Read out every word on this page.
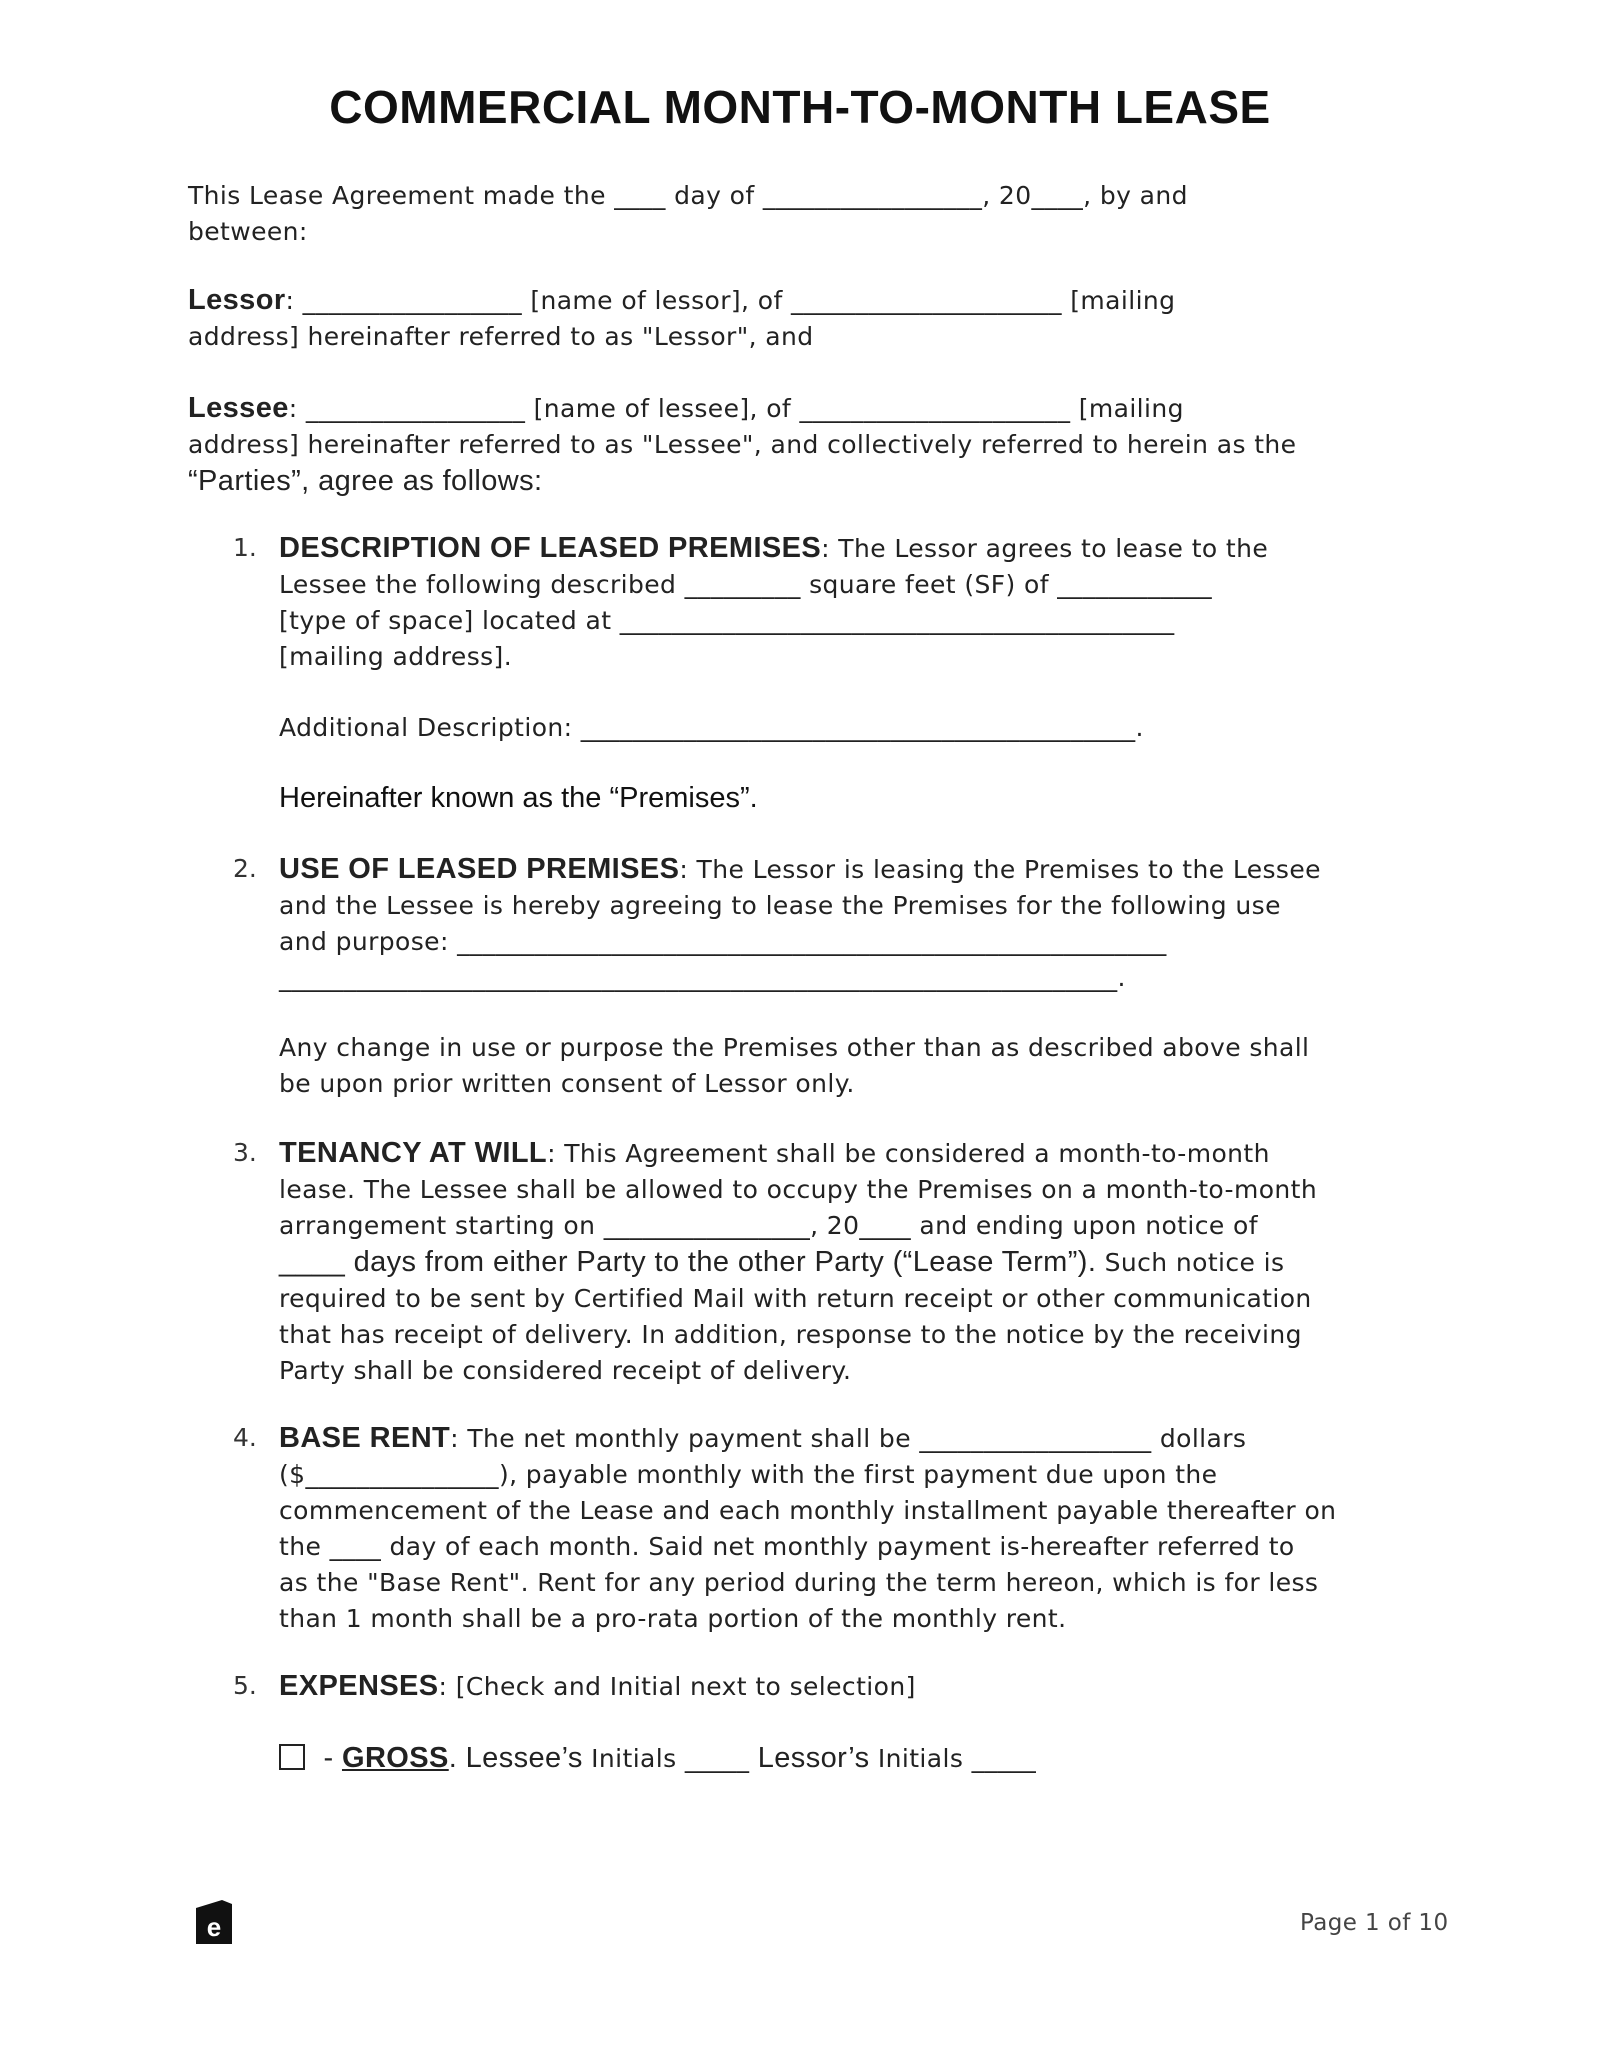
COMMERCIAL MONTH-TO-MONTH LEASE

This Lease Agreement made the ____ day of _________________, 20____, by and

between:

Lessor: _________________ [name of lessor], of _____________________ [mailing

address] hereinafter referred to as "Lessor", and

Lessee: _________________ [name of lessee], of _____________________ [mailing

address] hereinafter referred to as "Lessee", and collectively referred to herein as the

“Parties”, agree as follows:

1. DESCRIPTION OF LEASED PREMISES: The Lessor agrees to lease to the

Lessee the following described _________ square feet (SF) of ____________

[type of space] located at ___________________________________________

[mailing address].

Additional Description: ___________________________________________.
Hereinafter known as the “Premises”.
2. USE OF LEASED PREMISES: The Lessor is leasing the Premises to the Lessee

and the Lessee is hereby agreeing to lease the Premises for the following use

and purpose: _______________________________________________________

_________________________________________________________________.

Any change in use or purpose the Premises other than as described above shall

be upon prior written consent of Lessor only.

3. TENANCY AT WILL: This Agreement shall be considered a month-to-month

lease. The Lessee shall be allowed to occupy the Premises on a month-to-month

arrangement starting on ________________, 20____ and ending upon notice of

____ days from either Party to the other Party (“Lease Term”). Such notice is

required to be sent by Certified Mail with return receipt or other communication

that has receipt of delivery. In addition, response to the notice by the receiving

Party shall be considered receipt of delivery.

4. BASE RENT: The net monthly payment shall be __________________ dollars

($_______________), payable monthly with the first payment due upon the

commencement of the Lease and each monthly installment payable thereafter on

the ____ day of each month. Said net monthly payment is-hereafter referred to

as the "Base Rent". Rent for any period during the term hereon, which is for less

than 1 month shall be a pro-rata portion of the monthly rent.

5. EXPENSES: [Check and Initial next to selection]

- GROSS. Lessee’s Initials _____ Lessor’s Initials _____
e	Page 1 of 10
